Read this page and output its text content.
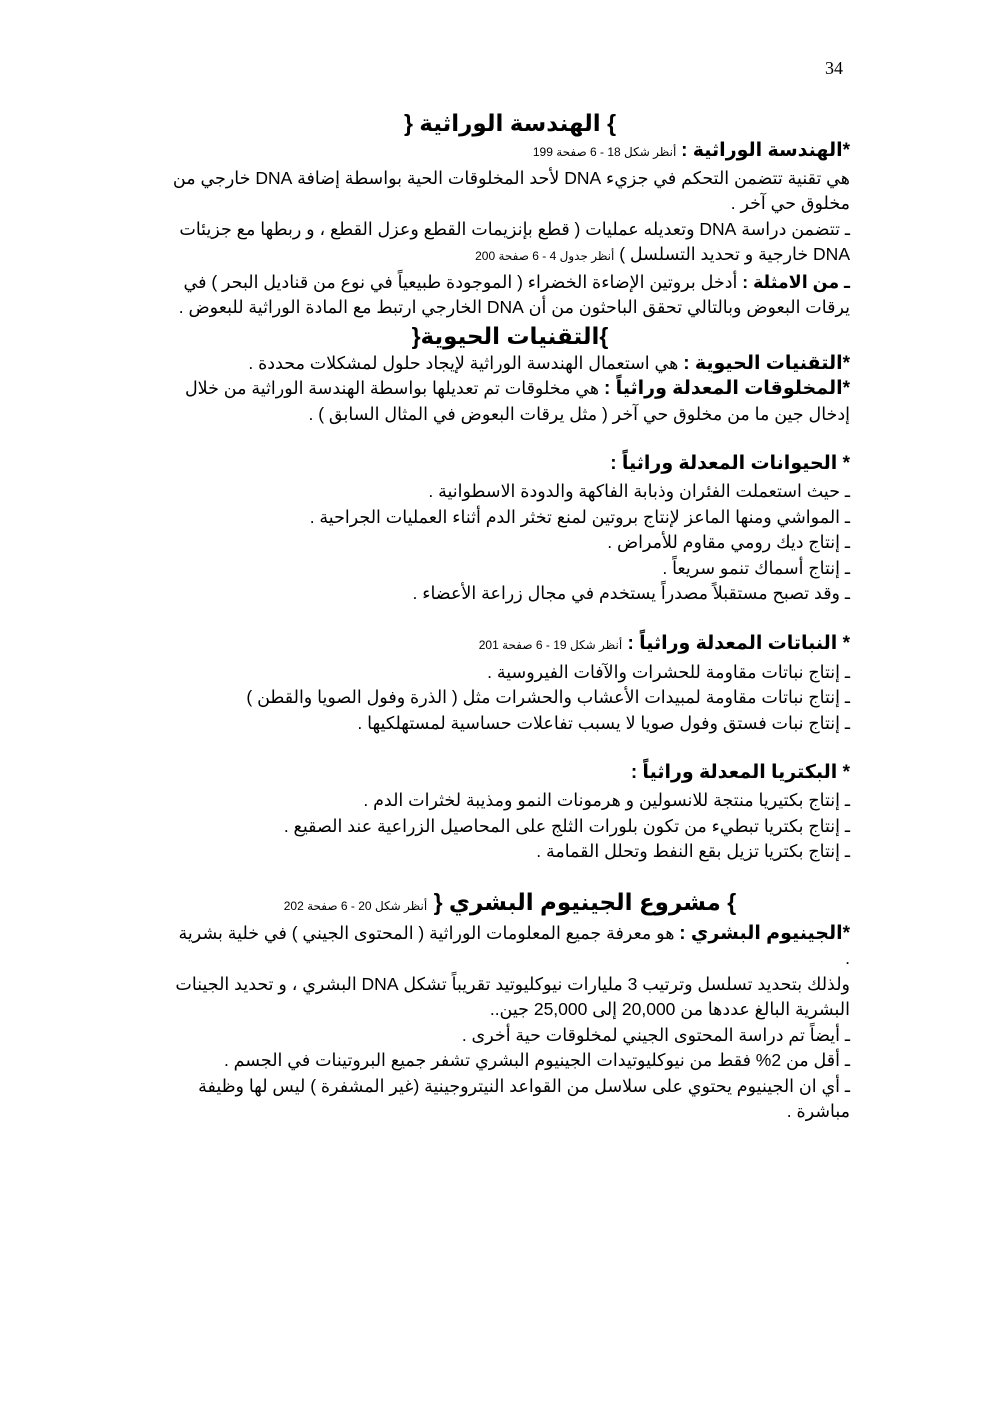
34

} الهندسة الوراثية {

*الهندسة الوراثية : أنظر شكل 18 - 6 صفحة 199
هي تقنية تتضمن التحكم في جزيء DNA لأحد المخلوقات الحية بواسطة إضافة DNA خارجي من مخلوق حي آخر .

ـ تتضمن دراسة DNA وتعديله عمليات ( قطع بإنزيمات القطع وعزل القطع ، و ربطها مع جزيئات DNA خارجية و تحديد التسلسل ) أنظر جدول 4 - 6 صفحة 200

ـ من الامثلة : أدخل بروتين الإضاءة الخضراء ( الموجودة طبيعياً في نوع من قناديل البحر ) في يرقات البعوض وبالتالي تحقق الباحثون من أن DNA الخارجي ارتبط مع المادة الوراثية للبعوض .

}التقنيات الحيوية{

*التقنيات الحيوية : هي استعمال الهندسة الوراثية لإيجاد حلول لمشكلات محددة .

*المخلوقات المعدلة وراثياً : هي مخلوقات تم تعديلها بواسطة الهندسة الوراثية من خلال إدخال جين ما من مخلوق حي آخر ( مثل يرقات البعوض في المثال السابق ) .

* الحيوانات المعدلة وراثياً :

ـ حيث استعملت الفئران وذبابة الفاكهة والدودة الاسطوانية .

ـ المواشي ومنها الماعز لإنتاج بروتين لمنع تخثر الدم أثناء العمليات الجراحية .

ـ إنتاج ديك رومي مقاوم للأمراض .

ـ إنتاج أسماك تنمو سريعاً .

ـ وقد تصبح مستقبلاً مصدراً يستخدم في مجال زراعة الأعضاء .

* النباتات المعدلة وراثياً : أنظر شكل 19 - 6 صفحة 201

ـ إنتاج نباتات مقاومة للحشرات والآفات الفيروسية .

ـ إنتاج نباتات مقاومة لمبيدات الأعشاب والحشرات مثل ( الذرة وفول الصويا والقطن )

ـ إنتاج نبات فستق وفول صويا لا يسبب تفاعلات حساسية لمستهلكيها .

* البكتريا المعدلة وراثياً :

ـ إنتاج بكتيريا منتجة للانسولين و هرمونات النمو ومذيبة لخثرات الدم .

ـ إنتاج بكتريا تبطيء من تكون بلورات الثلج على المحاصيل الزراعية عند الصقيع .

ـ إنتاج بكتريا تزيل بقع النفط وتحلل القمامة .

} مشروع الجينيوم البشري { أنظر شكل 20 - 6 صفحة 202

*الجينيوم البشري : هو معرفة جميع المعلومات الوراثية ( المحتوى الجيني ) في خلية بشرية .

ولذلك بتحديد تسلسل وترتيب 3 مليارات نيوكليوتيد تقريباً تشكل DNA البشري ، و تحديد الجينات البشرية البالغ عددها من 20,000 إلى 25,000 جين..

ـ أيضاً تم دراسة المحتوى الجيني لمخلوقات حية أخرى .

ـ أقل من 2% فقط من نيوكليوتيدات الجينيوم البشري تشفر جميع البروتينات في الجسم .

ـ أي ان الجينيوم يحتوي على سلاسل من القواعد النيتروجينية (غير المشفرة ) ليس لها وظيفة مباشرة .
